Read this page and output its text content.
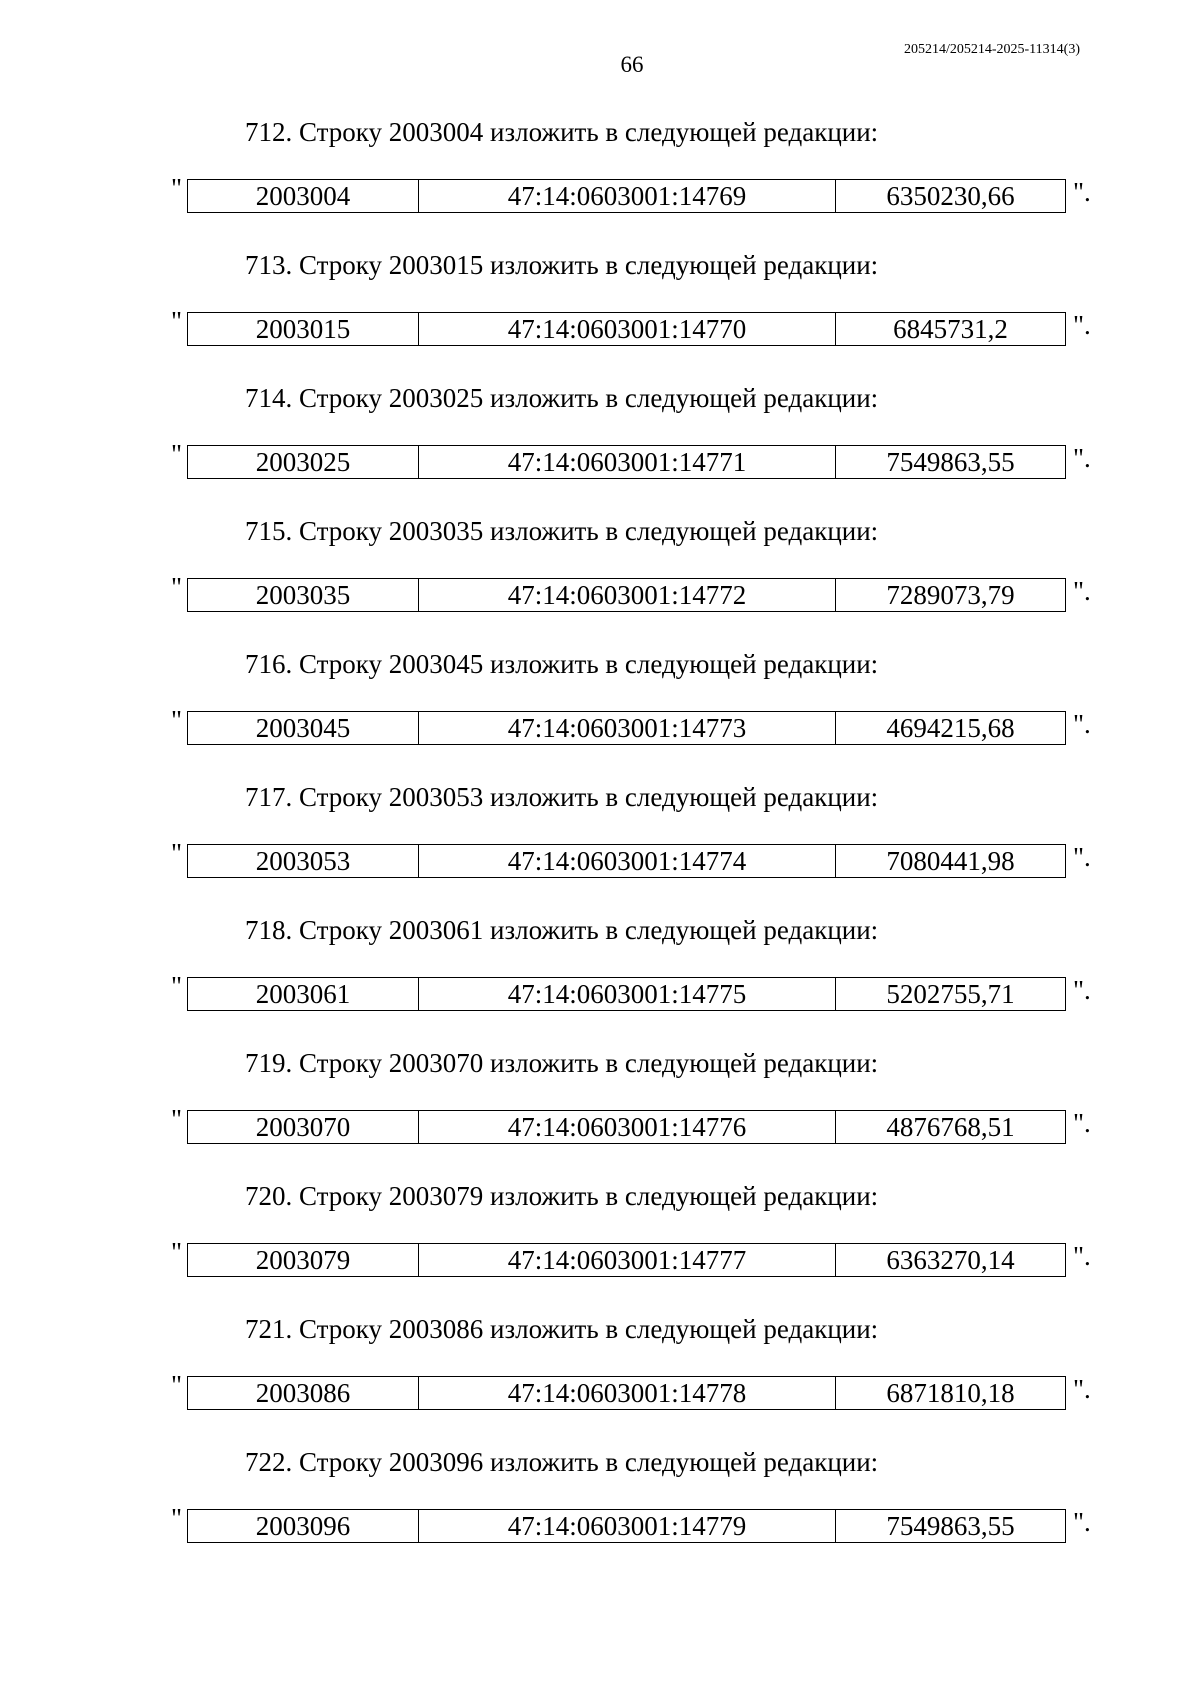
66
205214/205214-2025-11314(3)
712. Строку 2003004 изложить в следующей редакции:
"	2003004	47:14:0603001:14769	6350230,66 ".
713. Строку 2003015 изложить в следующей редакции:
"	2003015	47:14:0603001:14770	6845731,2 ".
714. Строку 2003025 изложить в следующей редакции:
"	2003025	47:14:0603001:14771	7549863,55 ".
715. Строку 2003035 изложить в следующей редакции:
"	2003035	47:14:0603001:14772	7289073,79 ".
716. Строку 2003045 изложить в следующей редакции:
"	2003045	47:14:0603001:14773	4694215,68 ".
717. Строку 2003053 изложить в следующей редакции:
"	2003053	47:14:0603001:14774	7080441,98 ".
718. Строку 2003061 изложить в следующей редакции:
"	2003061	47:14:0603001:14775	5202755,71 ".
719. Строку 2003070 изложить в следующей редакции:
"	2003070	47:14:0603001:14776	4876768,51 ".
720. Строку 2003079 изложить в следующей редакции:
"	2003079	47:14:0603001:14777	6363270,14 ".
721. Строку 2003086 изложить в следующей редакции:
"	2003086	47:14:0603001:14778	6871810,18 ".
722. Строку 2003096 изложить в следующей редакции:
"	2003096	47:14:0603001:14779	7549863,55 ".
